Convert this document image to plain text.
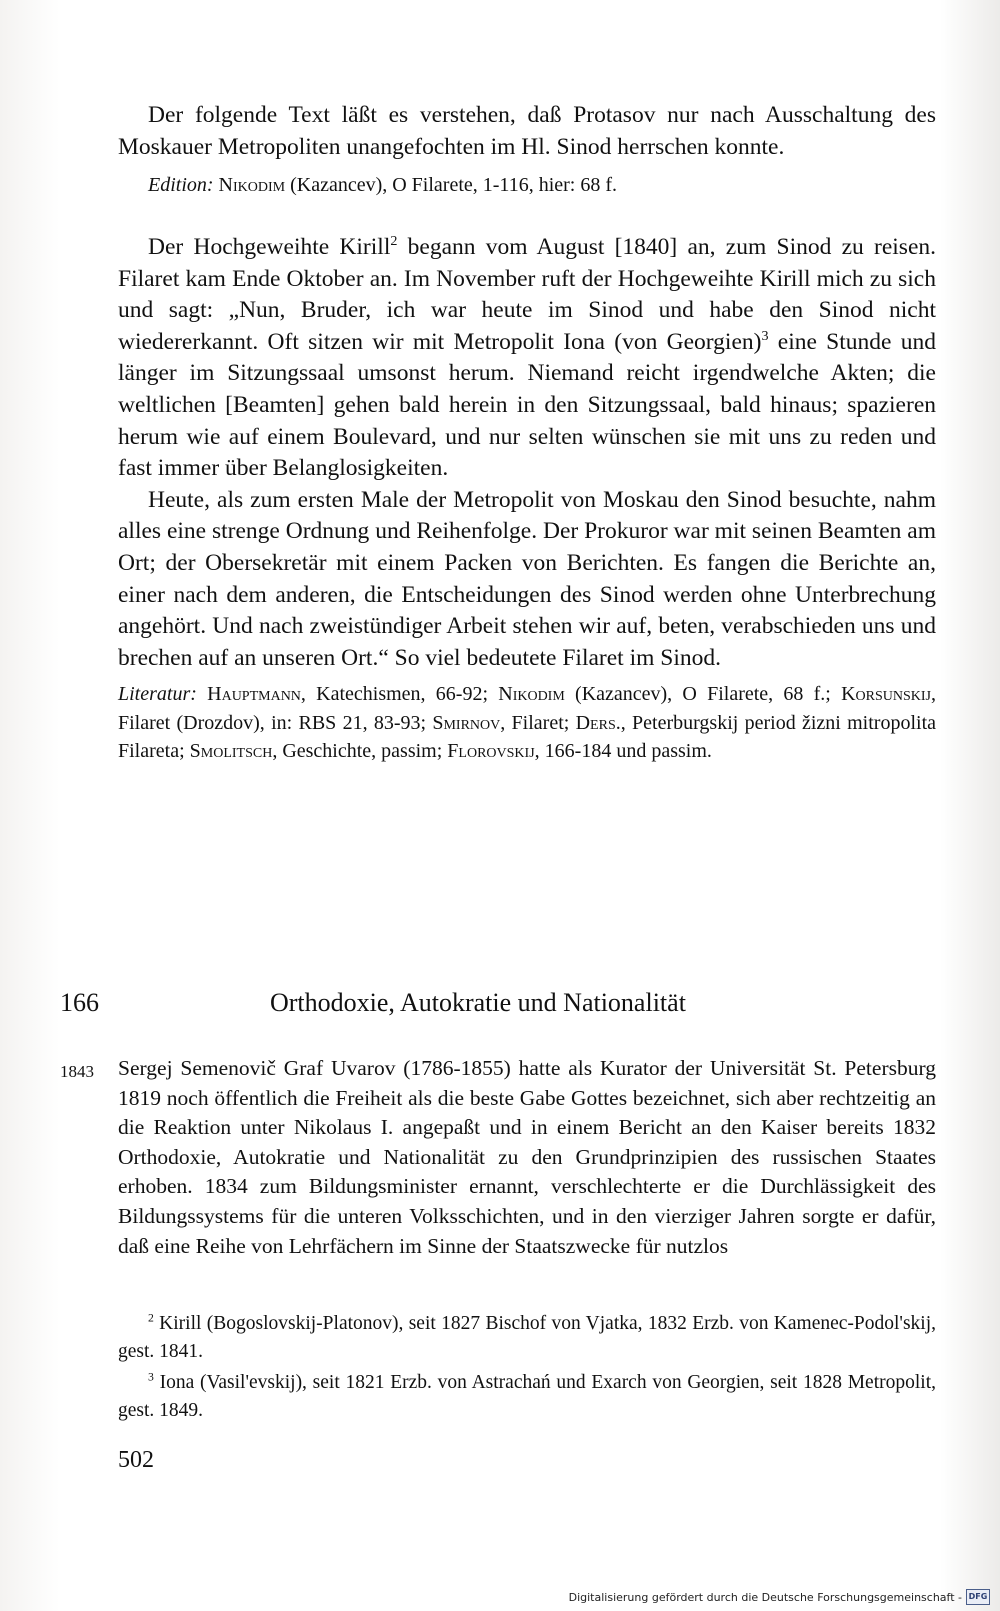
Der folgende Text läßt es verstehen, daß Protasov nur nach Ausschaltung des Moskauer Metropoliten unangefochten im Hl. Sinod herrschen konnte.

Edition: Nikodim (Kazancev), O Filarete, 1-116, hier: 68 f.

Der Hochgeweihte Kirill$^2$ begann vom August [1840] an, zum Sinod zu reisen. Filaret kam Ende Oktober an. Im November ruft der Hochgeweihte Kirill mich zu sich und sagt: „Nun, Bruder, ich war heute im Sinod und habe den Sinod nicht wiedererkannt. Oft sitzen wir mit Metropolit Iona (von Georgien)$^3$ eine Stunde und länger im Sitzungssaal umsonst herum. Niemand reicht irgendwelche Akten; die weltlichen [Beamten] gehen bald herein in den Sitzungssaal, bald hinaus; spazieren herum wie auf einem Boulevard, und nur selten wünschen sie mit uns zu reden und fast immer über Belanglosigkeiten.

Heute, als zum ersten Male der Metropolit von Moskau den Sinod besuchte, nahm alles eine strenge Ordnung und Reihenfolge. Der Prokuror war mit seinen Beamten am Ort; der Obersekretär mit einem Packen von Berichten. Es fangen die Berichte an, einer nach dem anderen, die Entscheidungen des Sinod werden ohne Unterbrechung angehört. Und nach zweistündiger Arbeit stehen wir auf, beten, verabschieden uns und brechen auf an unseren Ort.“ So viel bedeutete Filaret im Sinod.

Literatur: Hauptmann, Katechismen, 66-92; Nikodim (Kazancev), O Filarete, 68 f.; Korsunskij, Filaret (Drozdov), in: RBS 21, 83-93; Smirnov, Filaret; Ders., Peterburgskij period žizni mitropolita Filareta; Smolitsch, Geschichte, passim; Florovskij, 166-184 und passim.

166	Orthodoxie, Autokratie und Nationalität
1843 Sergej Semenovič Graf Uvarov (1786-1855) hatte als Kurator der Universität St. Petersburg 1819 noch öffentlich die Freiheit als die beste Gabe Gottes bezeichnet, sich aber rechtzeitig an die Reaktion unter Nikolaus I. angepaßt und in einem Bericht an den Kaiser bereits 1832 Orthodoxie, Autokratie und Nationalität zu den Grundprinzipien des russischen Staates erhoben. 1834 zum Bildungsminister ernannt, verschlechterte er die Durchlässigkeit des Bildungssystems für die unteren Volksschichten, und in den vierziger Jahren sorgte er dafür, daß eine Reihe von Lehrfächern im Sinne der Staatszwecke für nutzlos

$^2$ Kirill (Bogoslovskij-Platonov), seit 1827 Bischof von Vjatka, 1832 Erzb. von Kamenec-Podol'skij, gest. 1841.

$^3$ Iona (Vasil'evskij), seit 1821 Erzb. von Astrachań und Exarch von Georgien, seit 1828 Metropolit, gest. 1849.

502
Digitalisierung gefördert durch die Deutsche Forschungsgemeinschaft - DFG
